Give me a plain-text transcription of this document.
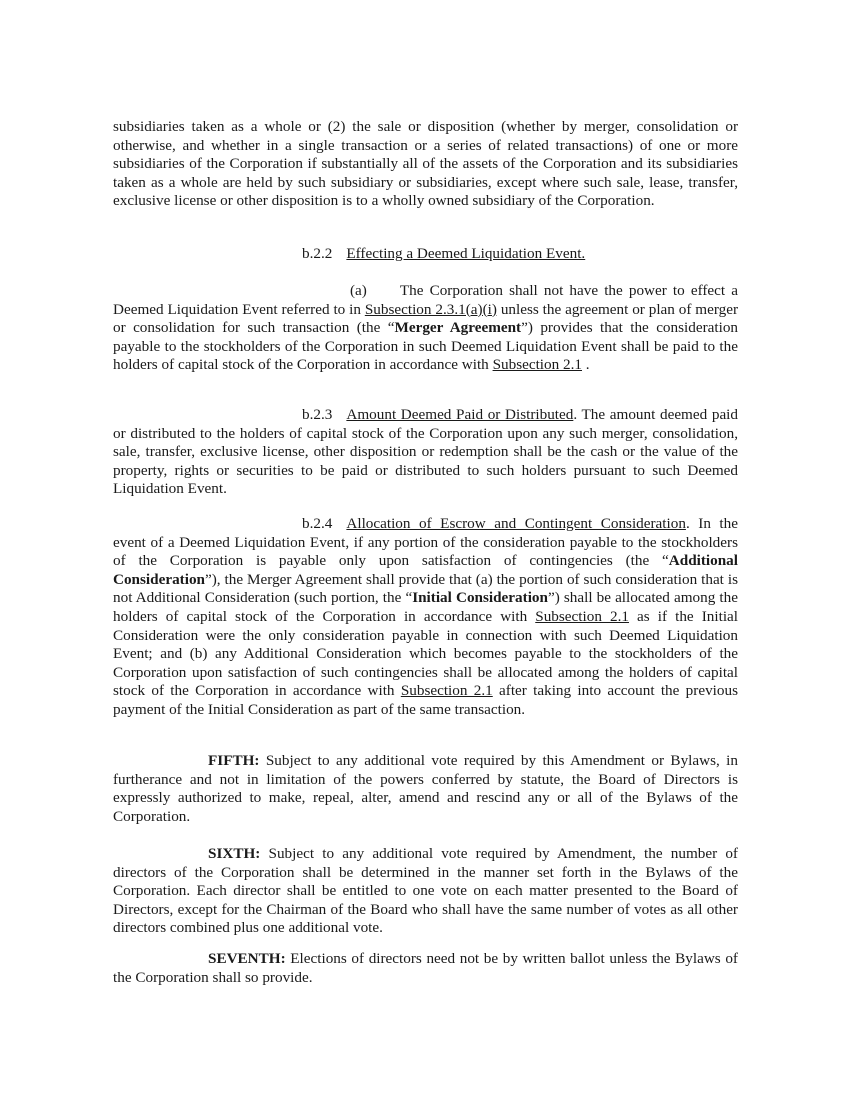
subsidiaries taken as a whole or (2) the sale or disposition (whether by merger, consolidation or otherwise, and whether in a single transaction or a series of related transactions) of one or more subsidiaries of the Corporation if substantially all of the assets of the Corporation and its subsidiaries taken as a whole are held by such subsidiary or subsidiaries, except where such sale, lease, transfer, exclusive license or other disposition is to a wholly owned subsidiary of the Corporation.

b.2.2 Effecting a Deemed Liquidation Event.

(a) The Corporation shall not have the power to effect a Deemed Liquidation Event referred to in Subsection 2.3.1(a)(i) unless the agreement or plan of merger or consolidation for such transaction (the “Merger Agreement”) provides that the consideration payable to the stockholders of the Corporation in such Deemed Liquidation Event shall be paid to the holders of capital stock of the Corporation in accordance with Subsection 2.1 .

b.2.3 Amount Deemed Paid or Distributed. The amount deemed paid or distributed to the holders of capital stock of the Corporation upon any such merger, consolidation, sale, transfer, exclusive license, other disposition or redemption shall be the cash or the value of the property, rights or securities to be paid or distributed to such holders pursuant to such Deemed Liquidation Event.

b.2.4 Allocation of Escrow and Contingent Consideration. In the event of a Deemed Liquidation Event, if any portion of the consideration payable to the stockholders of the Corporation is payable only upon satisfaction of contingencies (the “Additional Consideration”), the Merger Agreement shall provide that (a) the portion of such consideration that is not Additional Consideration (such portion, the “Initial Consideration”) shall be allocated among the holders of capital stock of the Corporation in accordance with Subsection 2.1 as if the Initial Consideration were the only consideration payable in connection with such Deemed Liquidation Event; and (b) any Additional Consideration which becomes payable to the stockholders of the Corporation upon satisfaction of such contingencies shall be allocated among the holders of capital stock of the Corporation in accordance with Subsection 2.1 after taking into account the previous payment of the Initial Consideration as part of the same transaction.

FIFTH: Subject to any additional vote required by this Amendment or Bylaws, in furtherance and not in limitation of the powers conferred by statute, the Board of Directors is expressly authorized to make, repeal, alter, amend and rescind any or all of the Bylaws of the Corporation.

SIXTH: Subject to any additional vote required by Amendment, the number of directors of the Corporation shall be determined in the manner set forth in the Bylaws of the Corporation. Each director shall be entitled to one vote on each matter presented to the Board of Directors, except for the Chairman of the Board who shall have the same number of votes as all other directors combined plus one additional vote.

SEVENTH: Elections of directors need not be by written ballot unless the Bylaws of the Corporation shall so provide.
